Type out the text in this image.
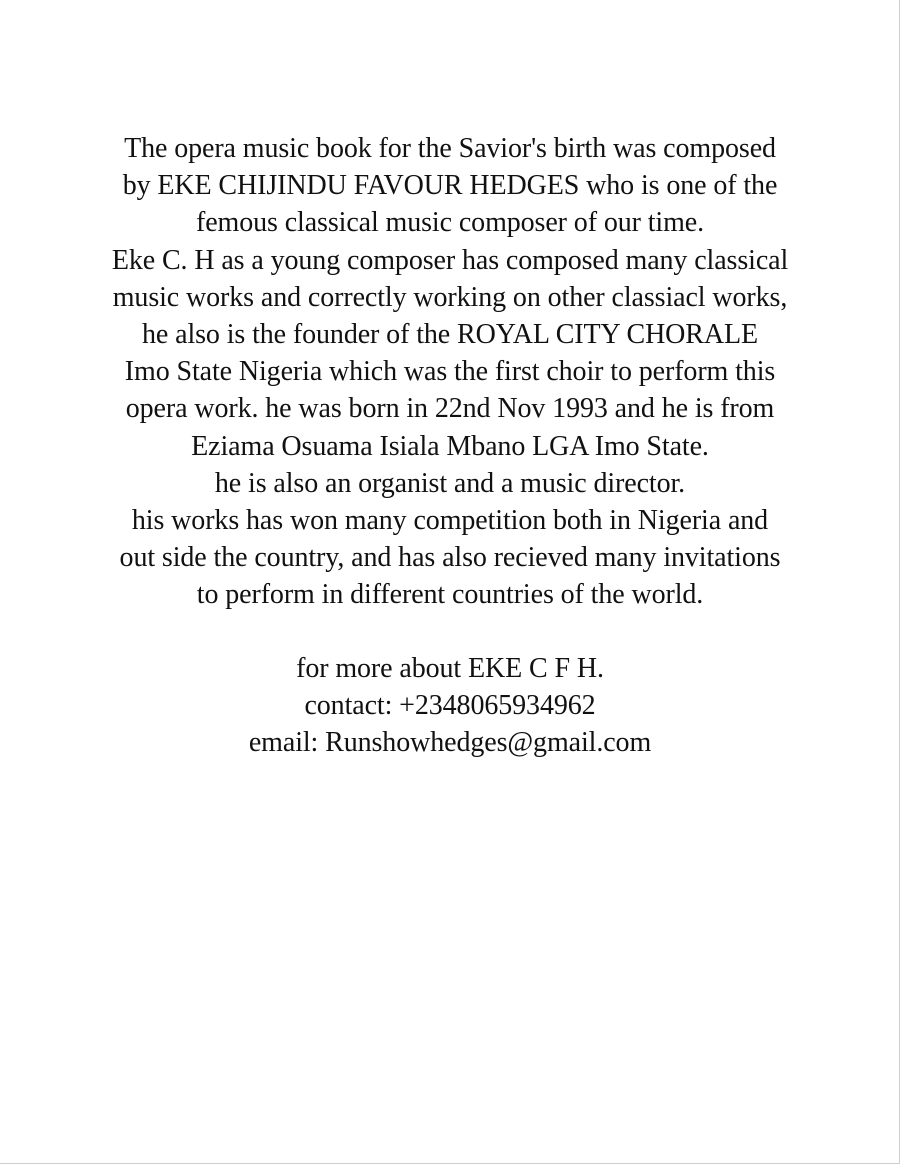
The opera music book for the Savior's birth was composed
by EKE CHIJINDU FAVOUR HEDGES who is one of the
femous classical music composer of our time.
Eke C. H as a young composer has composed many classical
music works and correctly working on other classiacl works,
he also is the founder of the ROYAL CITY CHORALE
Imo State Nigeria which was the first choir to perform this
opera work. he was born in 22nd Nov 1993 and he is from
Eziama Osuama Isiala Mbano LGA Imo State.
he is also an organist and a music director.
his works has won many competition both in Nigeria and
out side the country, and has also recieved many invitations
to perform in different countries of the world.
for more about EKE C F H.
contact: +2348065934962
email: Runshowhedges@gmail.com
